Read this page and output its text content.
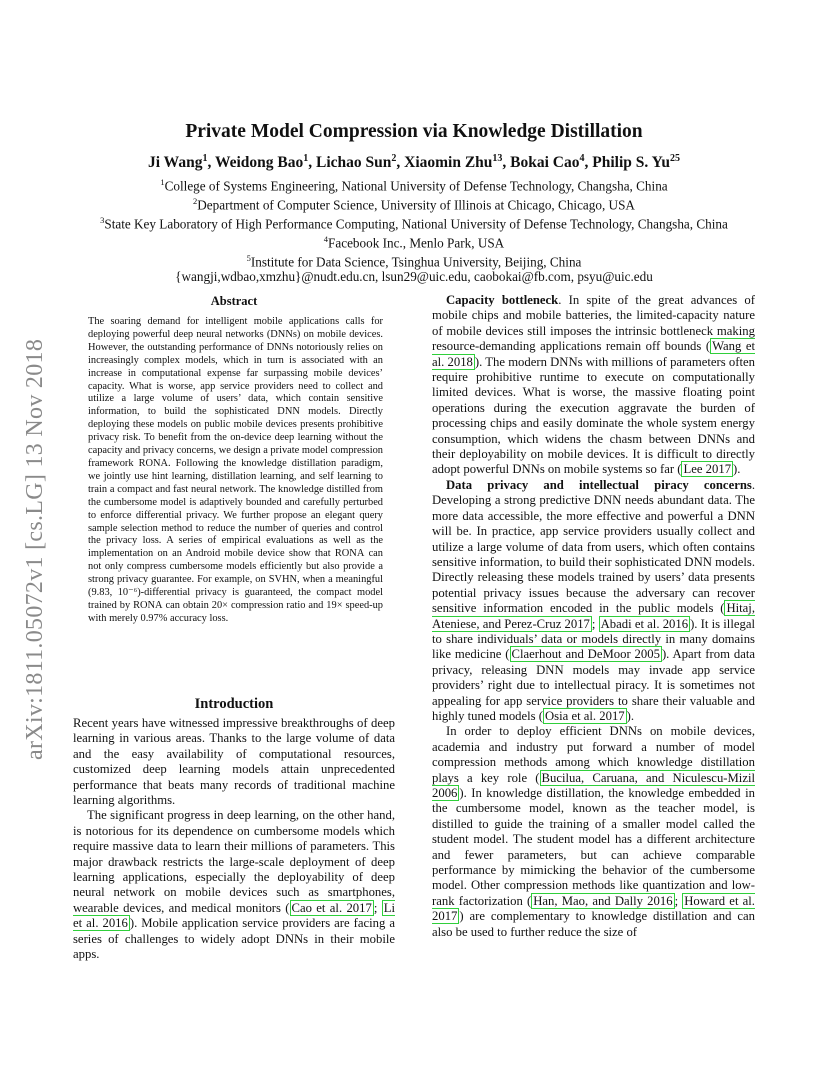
arXiv:1811.05072v1 [cs.LG] 13 Nov 2018
Private Model Compression via Knowledge Distillation
Ji Wang$^1$, Weidong Bao$^1$, Lichao Sun$^2$, Xiaomin Zhu$^{13}$, Bokai Cao$^4$, Philip S. Yu$^{25}$
$^1$College of Systems Engineering, National University of Defense Technology, Changsha, China
$^2$Department of Computer Science, University of Illinois at Chicago, Chicago, USA
$^3$State Key Laboratory of High Performance Computing, National University of Defense Technology, Changsha, China
$^4$Facebook Inc., Menlo Park, USA
$^5$Institute for Data Science, Tsinghua University, Beijing, China
{wangji,wdbao,xmzhu}@nudt.edu.cn, lsun29@uic.edu, caobokai@fb.com, psyu@uic.edu
Abstract
The soaring demand for intelligent mobile applications calls for deploying powerful deep neural networks (DNNs) on mobile devices. However, the outstanding performance of DNNs notoriously relies on increasingly complex models, which in turn is associated with an increase in computational expense far surpassing mobile devices’ capacity. What is worse, app service providers need to collect and utilize a large volume of users’ data, which contain sensitive information, to build the sophisticated DNN models. Directly deploying these models on public mobile devices presents prohibitive privacy risk. To benefit from the on-device deep learning without the capacity and privacy concerns, we design a private model compression framework RONA. Following the knowledge distillation paradigm, we jointly use hint learning, distillation learning, and self learning to train a compact and fast neural network. The knowledge distilled from the cumbersome model is adaptively bounded and carefully perturbed to enforce differential privacy. We further propose an elegant query sample selection method to reduce the number of queries and control the privacy loss. A series of empirical evaluations as well as the implementation on an Android mobile device show that RONA can not only compress cumbersome models efficiently but also provide a strong privacy guarantee. For example, on SVHN, when a meaningful (9.83, 10⁻⁶)-differential privacy is guaranteed, the compact model trained by RONA can obtain 20× compression ratio and 19× speed-up with merely 0.97% accuracy loss.
Introduction

Recent years have witnessed impressive breakthroughs of deep learning in various areas. Thanks to the large volume of data and the easy availability of computational resources, customized deep learning models attain unprecedented performance that beats many records of traditional machine learning algorithms.

The significant progress in deep learning, on the other hand, is notorious for its dependence on cumbersome models which require massive data to learn their millions of parameters. This major drawback restricts the large-scale deployment of deep learning applications, especially the deployability of deep neural network on mobile devices such as smartphones, wearable devices, and medical monitors ( Cao et al. 2017 ; Li et al. 2016 ). Mobile application service providers are facing a series of challenges to widely adopt DNNs in their mobile apps.

Capacity bottleneck. In spite of the great advances of mobile chips and mobile batteries, the limited-capacity nature of mobile devices still imposes the intrinsic bottleneck making resource-demanding applications remain off bounds ( Wang et al. 2018 ). The modern DNNs with millions of parameters often require prohibitive runtime to execute on computationally limited devices. What is worse, the massive floating point operations during the execution aggravate the burden of processing chips and easily dominate the whole system energy consumption, which widens the chasm between DNNs and their deployability on mobile devices. It is difficult to directly adopt powerful DNNs on mobile systems so far ( Lee 2017 ).

Data privacy and intellectual piracy concerns. Developing a strong predictive DNN needs abundant data. The more data accessible, the more effective and powerful a DNN will be. In practice, app service providers usually collect and utilize a large volume of data from users, which often contains sensitive information, to build their sophisticated DNN models. Directly releasing these models trained by users’ data presents potential privacy issues because the adversary can recover sensitive information encoded in the public models ( Hitaj, Ateniese, and Perez-Cruz 2017 ; Abadi et al. 2016 ). It is illegal to share individuals’ data or models directly in many domains like medicine ( Claerhout and DeMoor 2005 ). Apart from data privacy, releasing DNN models may invade app service providers’ right due to intellectual piracy. It is sometimes not appealing for app service providers to share their valuable and highly tuned models ( Osia et al. 2017 ).

In order to deploy efficient DNNs on mobile devices, academia and industry put forward a number of model compression methods among which knowledge distillation plays a key role ( Bucilua, Caruana, and Niculescu-Mizil 2006 ). In knowledge distillation, the knowledge embedded in the cumbersome model, known as the teacher model, is distilled to guide the training of a smaller model called the student model. The student model has a different architecture and fewer parameters, but can achieve comparable performance by mimicking the behavior of the cumbersome model. Other compression methods like quantization and low-rank factorization ( Han, Mao, and Dally 2016 ; Howard et al. 2017 ) are complementary to knowledge distillation and can also be used to further reduce the size of
